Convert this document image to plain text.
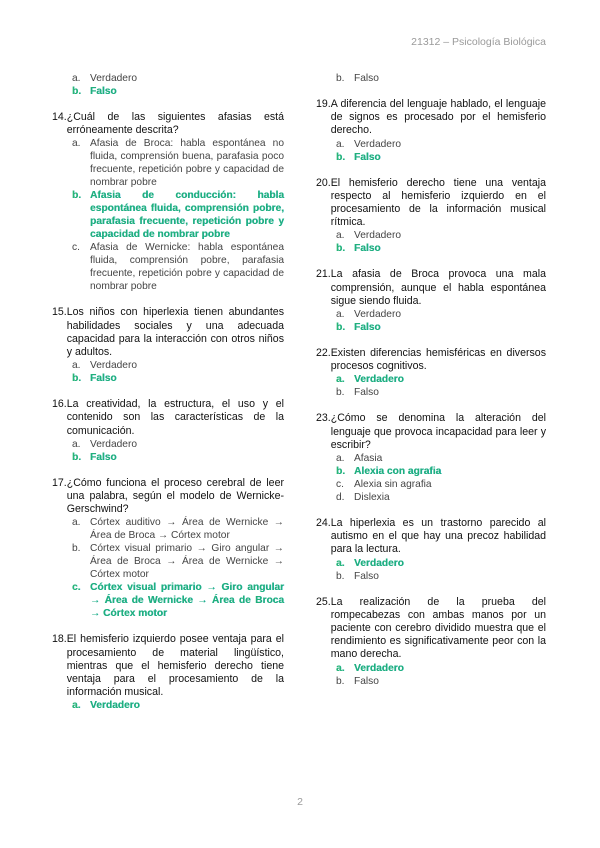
21312 – Psicología Biológica
a. Verdadero
b. Falso
14. ¿Cuál de las siguientes afasias está erróneamente descrita?
a. Afasia de Broca: habla espontánea no fluida, comprensión buena, parafasia poco frecuente, repetición pobre y capacidad de nombrar pobre
b. Afasia de conducción: habla espontánea fluida, comprensión pobre, parafasia frecuente, repetición pobre y capacidad de nombrar pobre
c. Afasia de Wernicke: habla espontánea fluida, comprensión pobre, parafasia frecuente, repetición pobre y capacidad de nombrar pobre
15. Los niños con hiperlexia tienen abundantes habilidades sociales y una adecuada capacidad para la interacción con otros niños y adultos.
a. Verdadero
b. Falso
16. La creatividad, la estructura, el uso y el contenido son las características de la comunicación.
a. Verdadero
b. Falso
17. ¿Cómo funciona el proceso cerebral de leer una palabra, según el modelo de Wernicke-Gerschwind?
a. Córtex auditivo → Área de Wernicke → Área de Broca → Córtex motor
b. Córtex visual primario → Giro angular → Área de Broca → Área de Wernicke → Córtex motor
c. Córtex visual primario → Giro angular → Área de Wernicke → Área de Broca → Córtex motor
18. El hemisferio izquierdo posee ventaja para el procesamiento de material lingüístico, mientras que el hemisferio derecho tiene ventaja para el procesamiento de la información musical.
a. Verdadero
b. Falso
19. A diferencia del lenguaje hablado, el lenguaje de signos es procesado por el hemisferio derecho.
a. Verdadero
b. Falso
20. El hemisferio derecho tiene una ventaja respecto al hemisferio izquierdo en el procesamiento de la información musical rítmica.
a. Verdadero
b. Falso
21. La afasia de Broca provoca una mala comprensión, aunque el habla espontánea sigue siendo fluida.
a. Verdadero
b. Falso
22. Existen diferencias hemisféricas en diversos procesos cognitivos.
a. Verdadero
b. Falso
23. ¿Cómo se denomina la alteración del lenguaje que provoca incapacidad para leer y escribir?
a. Afasia
b. Alexia con agrafia
c. Alexia sin agrafia
d. Dislexia
24. La hiperlexia es un trastorno parecido al autismo en el que hay una precoz habilidad para la lectura.
a. Verdadero
b. Falso
25. La realización de la prueba del rompecabezas con ambas manos por un paciente con cerebro dividido muestra que el rendimiento es significativamente peor con la mano derecha.
a. Verdadero
b. Falso
2
